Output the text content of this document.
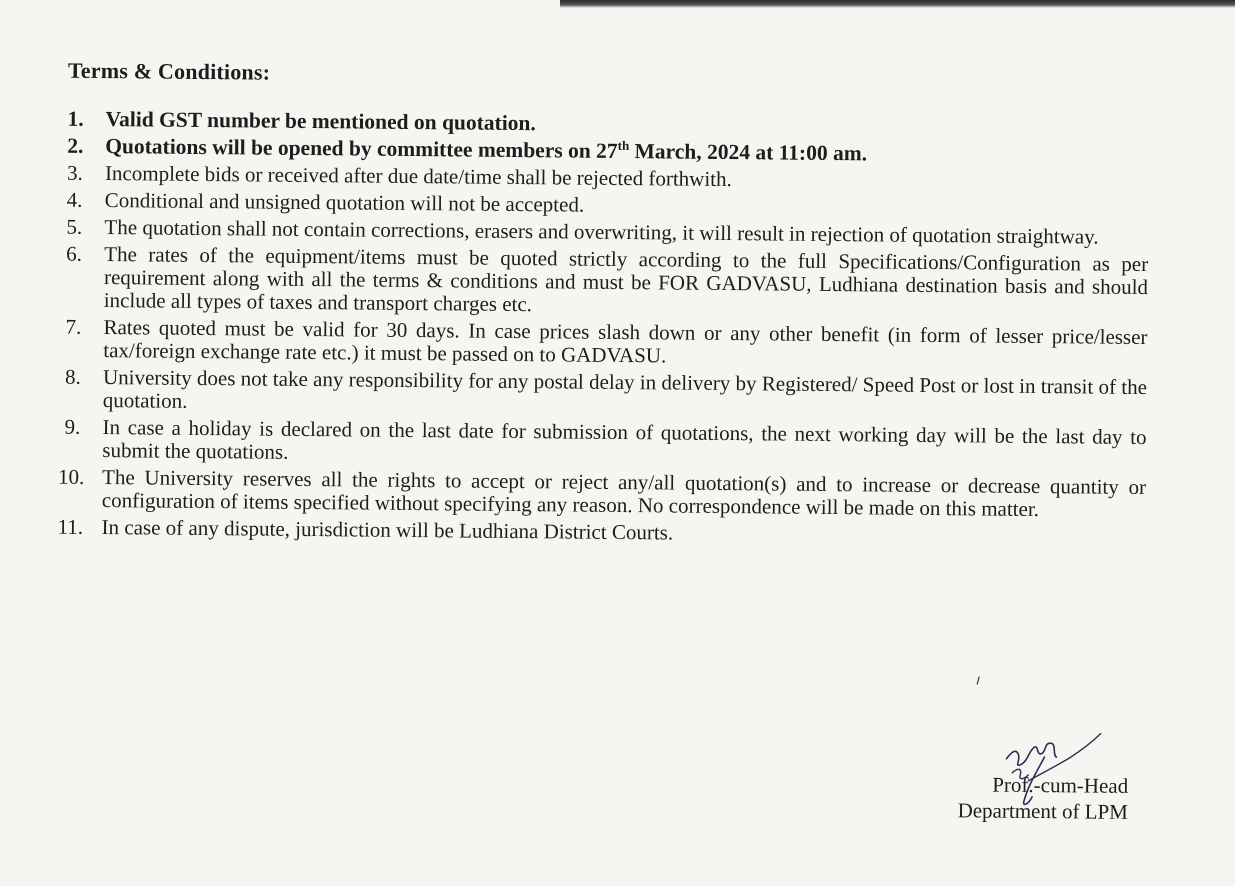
Terms & Conditions:
1.	Valid GST number be mentioned on quotation.
2.	Quotations will be opened by committee members on 27th March, 2024 at 11:00 am.
3.	Incomplete bids or received after due date/time shall be rejected forthwith.
4.	Conditional and unsigned quotation will not be accepted.
5.	The quotation shall not contain corrections, erasers and overwriting, it will result in rejection of quotation straightway.
6.	The rates of the equipment/items must be quoted strictly according to the full Specifications/Configuration as per requirement along with all the terms & conditions and must be FOR GADVASU, Ludhiana destination basis and should include all types of taxes and transport charges etc.
7.	Rates quoted must be valid for 30 days. In case prices slash down or any other benefit (in form of lesser price/lesser tax/foreign exchange rate etc.) it must be passed on to GADVASU.
8.	University does not take any responsibility for any postal delay in delivery by Registered/ Speed Post or lost in transit of the quotation.
9.	In case a holiday is declared on the last date for submission of quotations, the next working day will be the last day to submit the quotations.
10. The University reserves all the rights to accept or reject any/all quotation(s) and to increase or decrease quantity or configuration of items specified without specifying any reason. No correspondence will be made on this matter.
11. In case of any dispute, jurisdiction will be Ludhiana District Courts.
Prof.-cum-Head
Department of LPM
